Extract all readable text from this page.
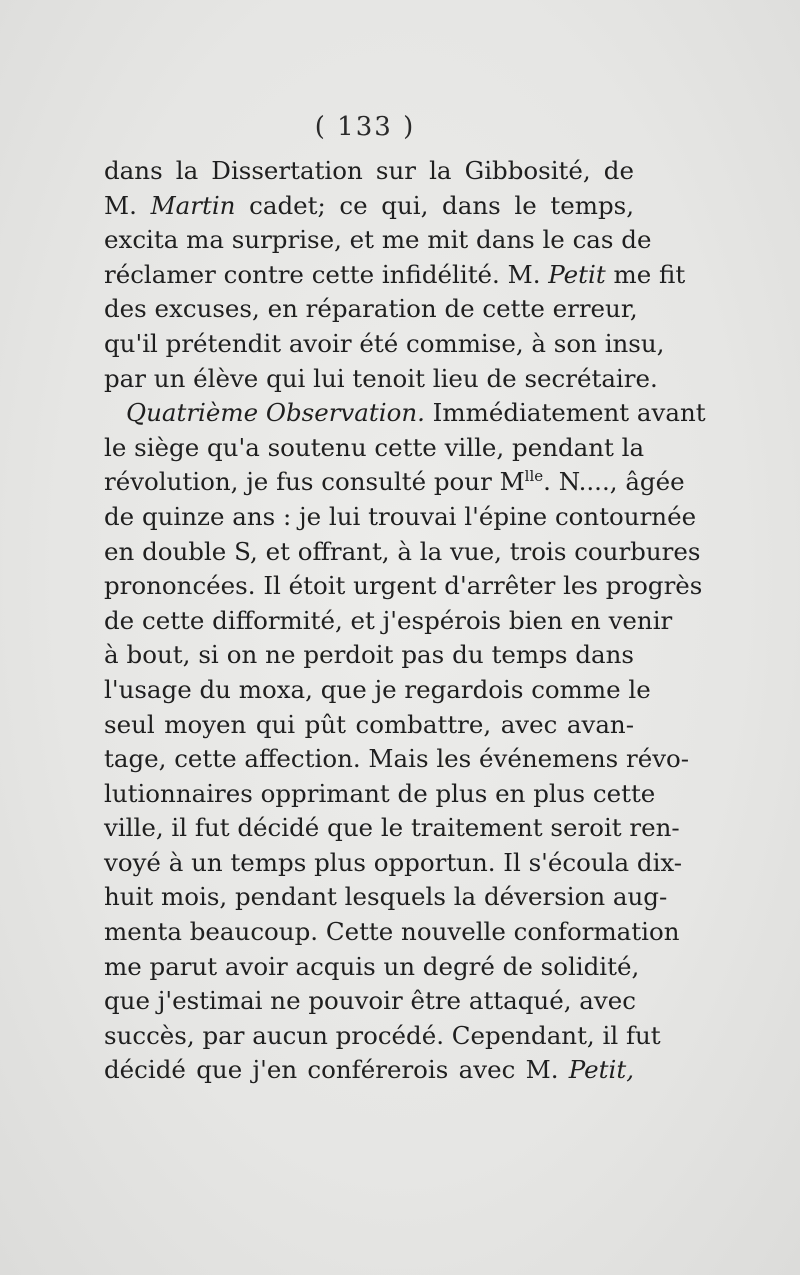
( 133 )
dans la Dissertation sur la Gibbosité, de
M. Martin cadet; ce qui, dans le temps,
excita ma surprise, et me mit dans le cas de
réclamer contre cette infidélité. M. Petit me fit
des excuses, en réparation de cette erreur,
qu'il prétendit avoir été commise, à son insu,
par un élève qui lui tenoit lieu de secrétaire.
Quatrième Observation. Immédiatement avant
le siège qu'a soutenu cette ville, pendant la
révolution, je fus consulté pour $M^{lle}$. N...., âgée
de quinze ans : je lui trouvai l'épine contournée
en double S, et offrant, à la vue, trois courbures
prononcées. Il étoit urgent d'arrêter les progrès
de cette difformité, et j'espérois bien en venir
à bout, si on ne perdoit pas du temps dans
l'usage du moxa, que je regardois comme le
seul moyen qui pût combattre, avec avan-
tage, cette affection. Mais les événemens révo-
lutionnaires opprimant de plus en plus cette
ville, il fut décidé que le traitement seroit ren-
voyé à un temps plus opportun. Il s'écoula dix-
huit mois, pendant lesquels la déversion aug-
menta beaucoup. Cette nouvelle conformation
me parut avoir acquis un degré de solidité,
que j'estimai ne pouvoir être attaqué, avec
succès, par aucun procédé. Cependant, il fut
décidé que j'en conférerois avec M. Petit,
